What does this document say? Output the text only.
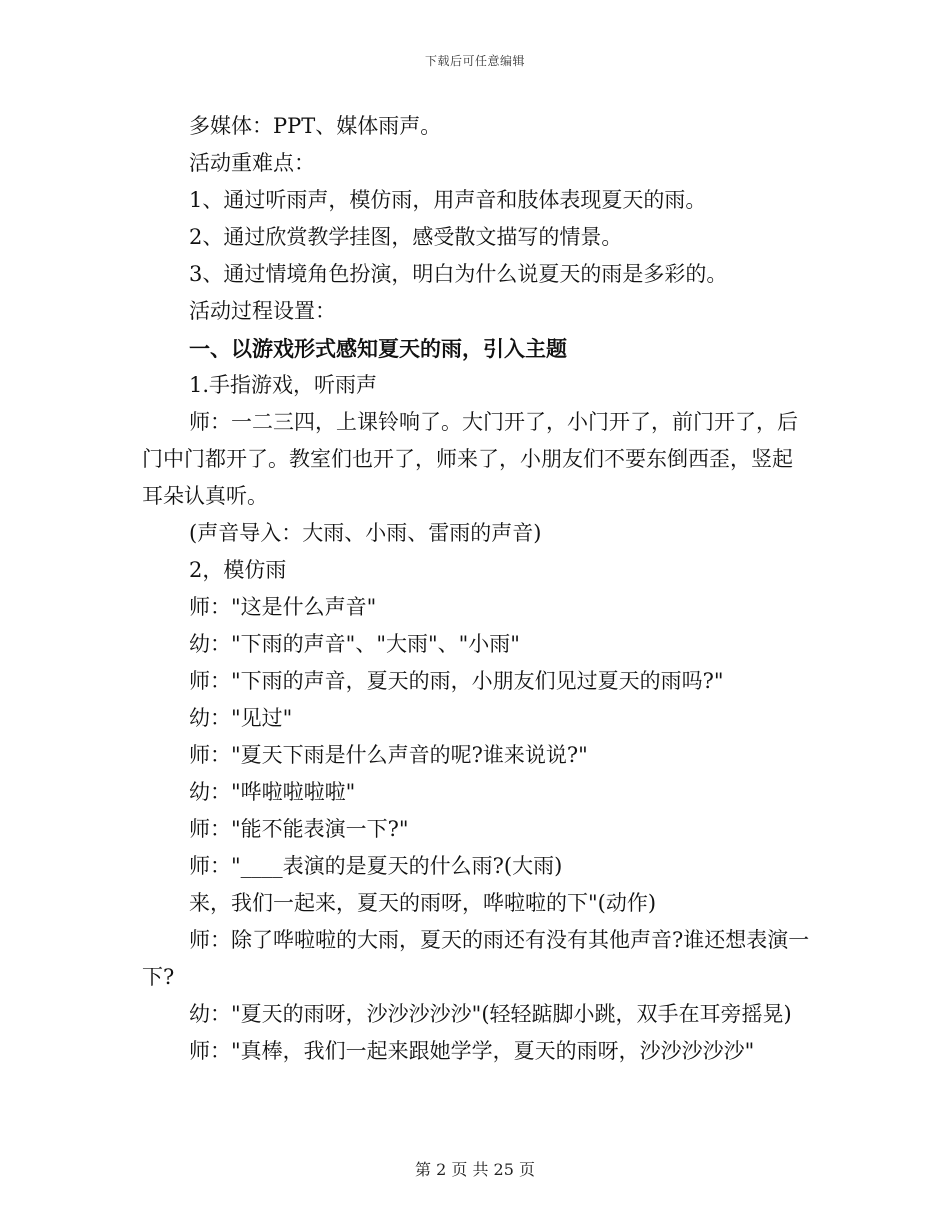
下载后可任意编辑

多媒体：PPT、媒体雨声。

活动重难点：

1、通过听雨声，模仿雨，用声音和肢体表现夏天的雨。

2、通过欣赏教学挂图，感受散文描写的情景。

3、通过情境角色扮演，明白为什么说夏天的雨是多彩的。

活动过程设置：

一、以游戏形式感知夏天的雨，引入主题

1.手指游戏，听雨声

师：一二三四，上课铃响了。大门开了，小门开了，前门开了，后门中门都开了。教室们也开了，师来了，小朋友们不要东倒西歪，竖起耳朵认真听。

(声音导入：大雨、小雨、雷雨的声音)

2，模仿雨

师："这是什么声音"

幼："下雨的声音"、"大雨"、"小雨"

师："下雨的声音，夏天的雨，小朋友们见过夏天的雨吗?"

幼："见过"

师："夏天下雨是什么声音的呢?谁来说说?"

幼："哗啦啦啦啦"

师："能不能表演一下?"

师："____表演的是夏天的什么雨?(大雨)

来，我们一起来，夏天的雨呀，哗啦啦的下"(动作)

师：除了哗啦啦的大雨，夏天的雨还有没有其他声音?谁还想表演一下?

幼："夏天的雨呀，沙沙沙沙沙"(轻轻踮脚小跳，双手在耳旁摇晃)

师："真棒，我们一起来跟她学学，夏天的雨呀，沙沙沙沙沙"

第 2 页 共 25 页
